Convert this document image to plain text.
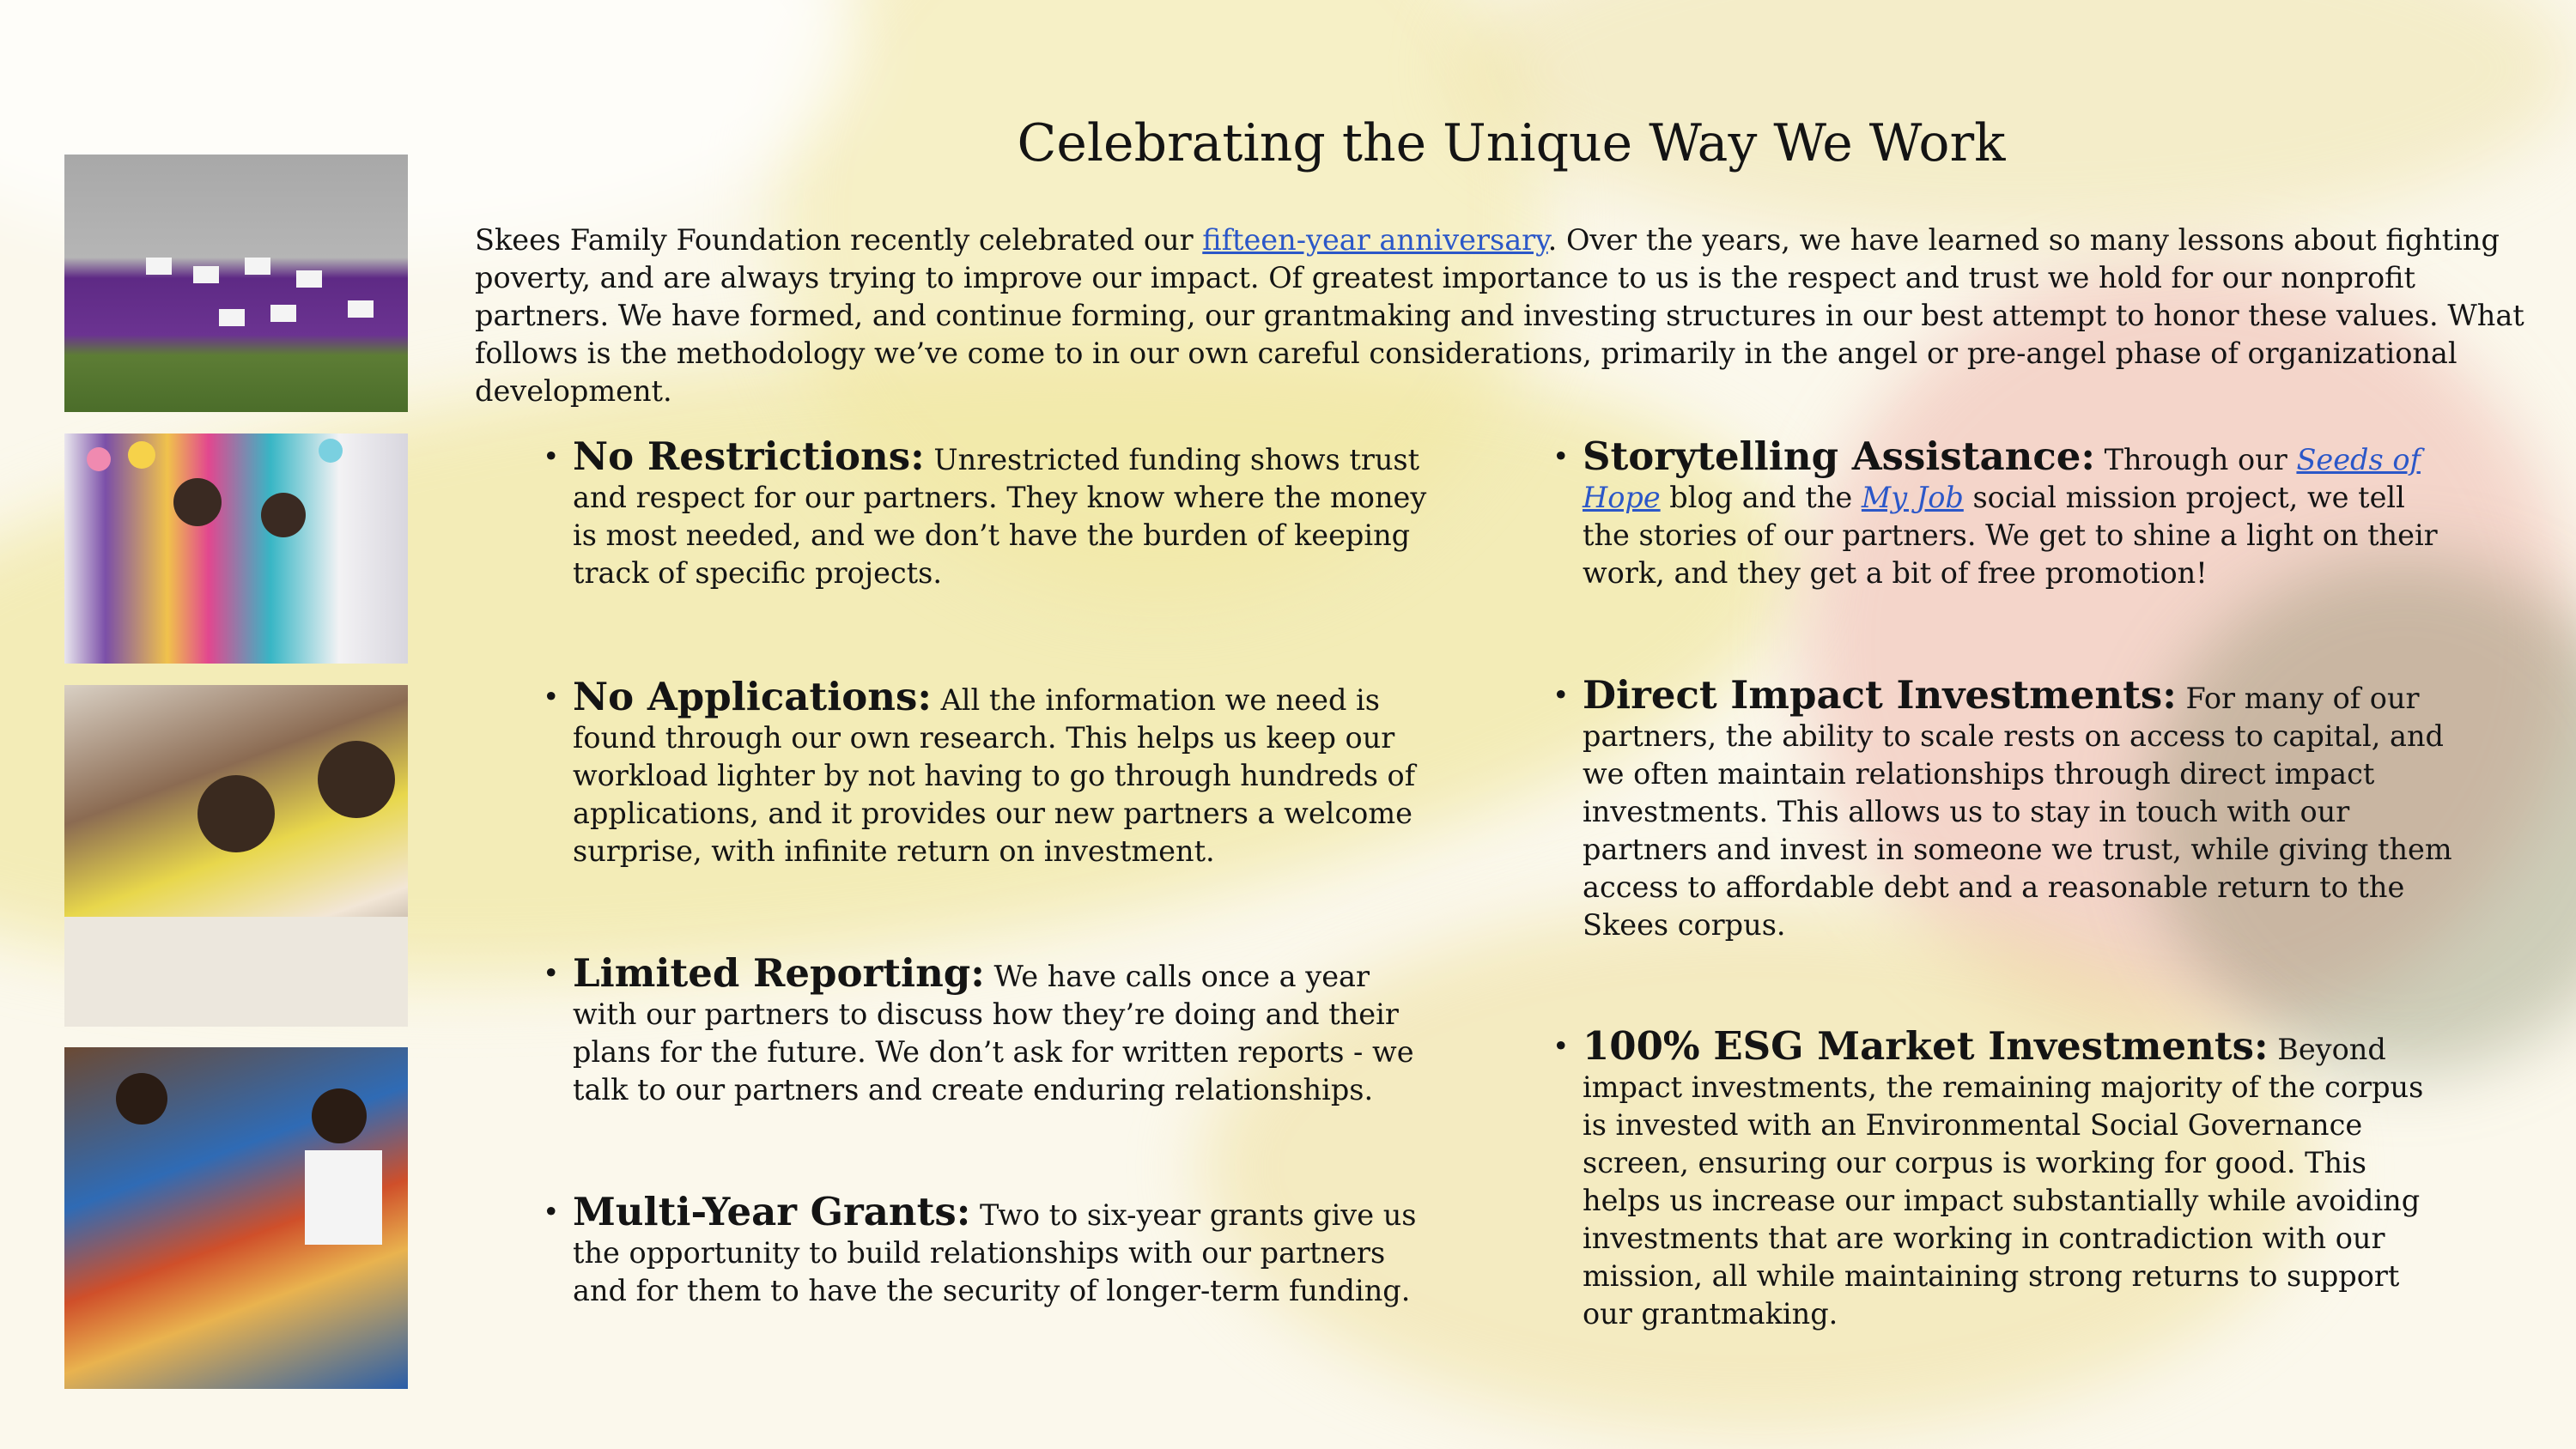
Celebrating the Unique Way We Work

Skees Family Foundation recently celebrated our fifteen-year anniversary. Over the years, we have learned so many lessons about fighting poverty, and are always trying to improve our impact. Of greatest importance to us is the respect and trust we hold for our nonprofit partners. We have formed, and continue forming, our grantmaking and investing structures in our best attempt to honor these values. What follows is the methodology we’ve come to in our own careful considerations, primarily in the angel or pre-angel phase of organizational development.

• No Restrictions: Unrestricted funding shows trust and respect for our partners. They know where the money is most needed, and we don’t have the burden of keeping track of specific projects.
• No Applications: All the information we need is found through our own research. This helps us keep our workload lighter by not having to go through hundreds of applications, and it provides our new partners a welcome surprise, with infinite return on investment.
• Limited Reporting: We have calls once a year with our partners to discuss how they’re doing and their plans for the future. We don’t ask for written reports - we talk to our partners and create enduring relationships.
• Multi-Year Grants: Two to six-year grants give us the opportunity to build relationships with our partners and for them to have the security of longer-term funding.
• Storytelling Assistance: Through our Seeds of Hope blog and the My Job social mission project, we tell the stories of our partners. We get to shine a light on their work, and they get a bit of free promotion!
• Direct Impact Investments: For many of our partners, the ability to scale rests on access to capital, and we often maintain relationships through direct impact investments. This allows us to stay in touch with our partners and invest in someone we trust, while giving them access to affordable debt and a reasonable return to the Skees corpus.
• 100% ESG Market Investments: Beyond impact investments, the remaining majority of the corpus is invested with an Environmental Social Governance screen, ensuring our corpus is working for good. This helps us increase our impact substantially while avoiding investments that are working in contradiction with our mission, all while maintaining strong returns to support our grantmaking.
